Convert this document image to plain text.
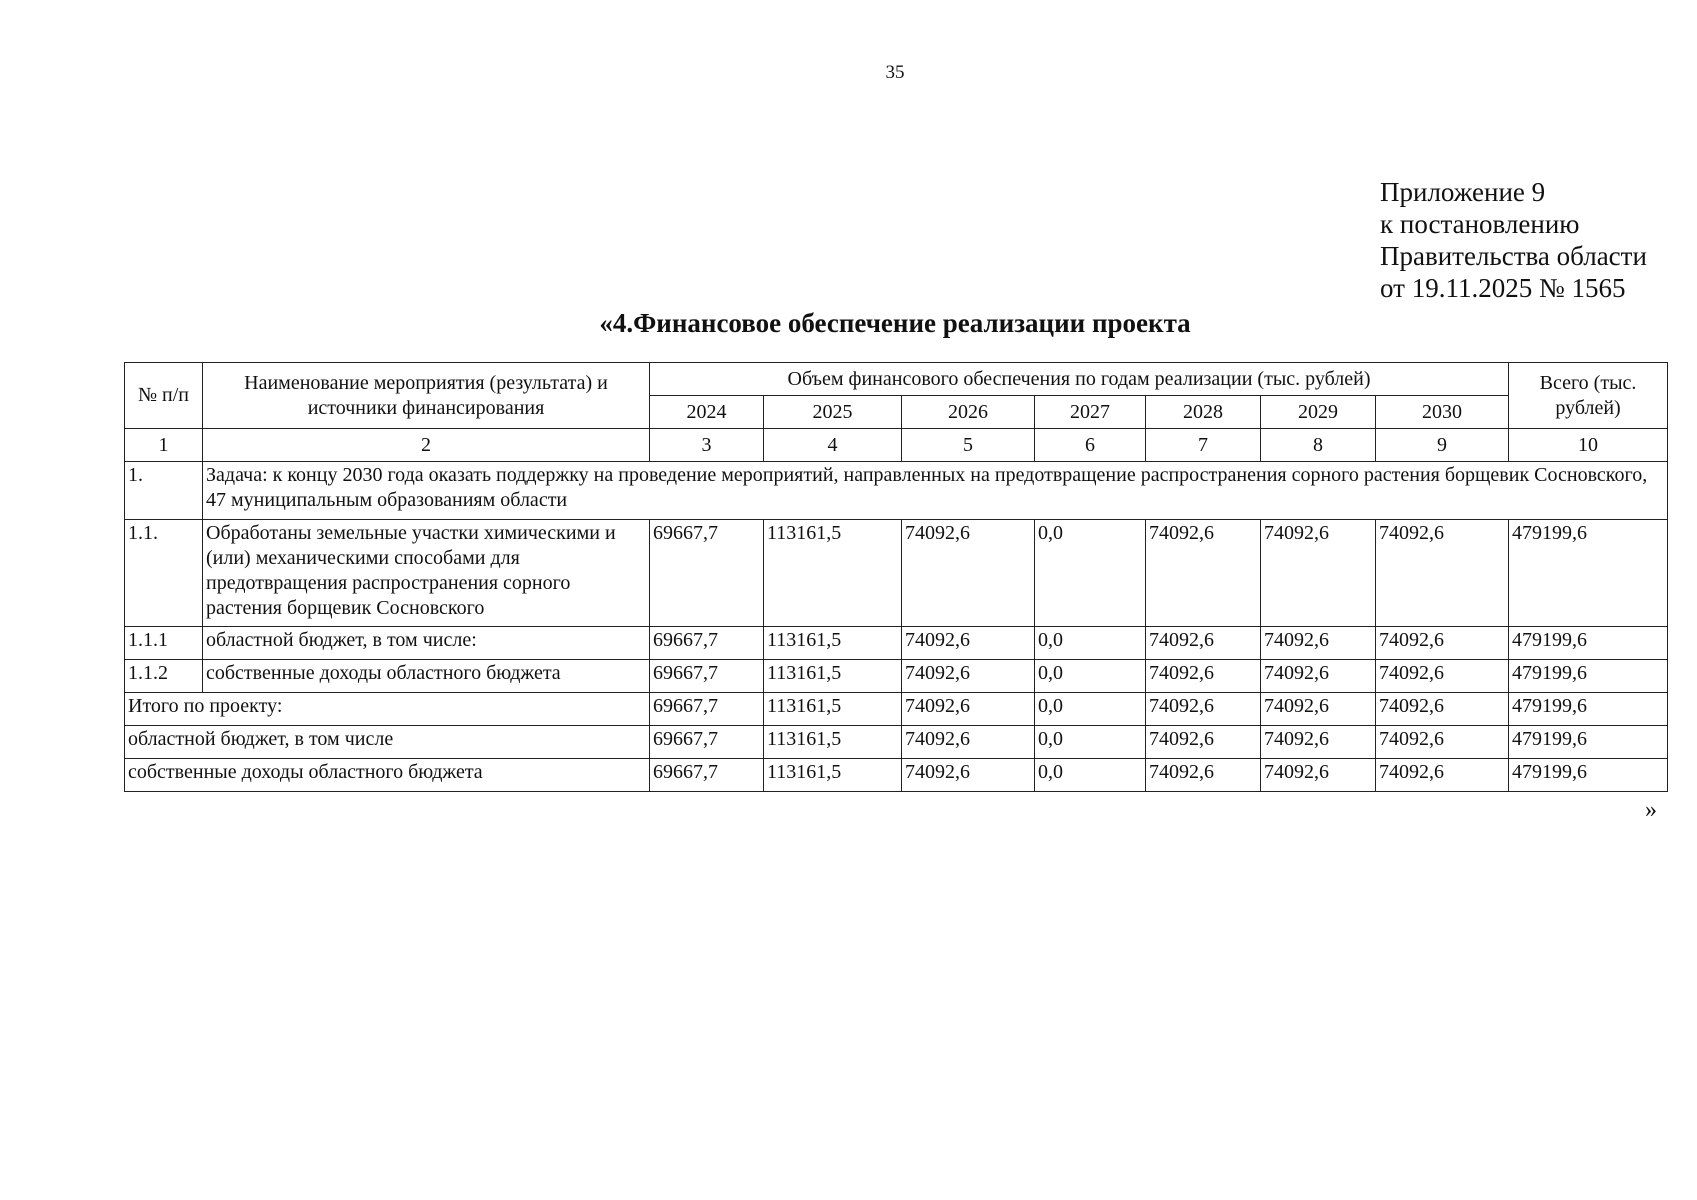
35
Приложение 9
к постановлению
Правительства области
от 19.11.2025 № 1565
«4.Финансовое обеспечение реализации проекта
№ п/п	Наименование мероприятия (результата) и источники финансирования	Объем финансового обеспечения по годам реализации (тыс. рублей)							Всего (тыс. рублей)
		2024	2025	2026	2027	2028	2029	2030	
1	2	3	4	5	6	7	8	9	10
1.	Задача: к концу 2030 года оказать поддержку на проведение мероприятий, направленных на предотвращение распространения сорного растения борщевик Сосновского, 47 муниципальным образованиям области								
1.1.	Обработаны земельные участки химическими и (или) механическими способами для предотвращения распространения сорного растения борщевик Сосновского	69667,7	113161,5	74092,6	0,0	74092,6	74092,6	74092,6	479199,6
1.1.1	областной бюджет, в том числе:	69667,7	113161,5	74092,6	0,0	74092,6	74092,6	74092,6	479199,6
1.1.2	собственные доходы областного бюджета	69667,7	113161,5	74092,6	0,0	74092,6	74092,6	74092,6	479199,6
Итого по проекту:		69667,7	113161,5	74092,6	0,0	74092,6	74092,6	74092,6	479199,6
областной бюджет, в том числе		69667,7	113161,5	74092,6	0,0	74092,6	74092,6	74092,6	479199,6
собственные доходы областного бюджета		69667,7	113161,5	74092,6	0,0	74092,6	74092,6	74092,6	479199,6
»
